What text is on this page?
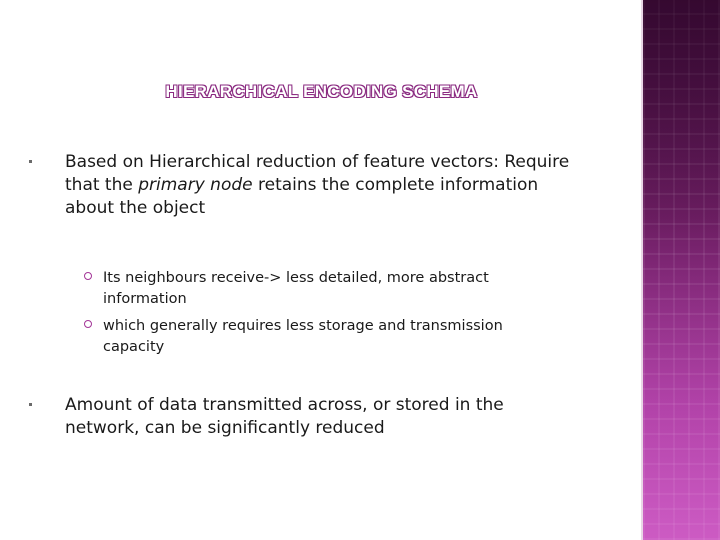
HIERARCHICAL ENCODING SCHEMA
Based on Hierarchical reduction of feature vectors: Require that the primary node retains the complete information about the object
Its neighbours receive-> less detailed, more abstract information
which generally requires less storage and transmission capacity
Amount of data transmitted across, or stored in the network, can be significantly reduced
